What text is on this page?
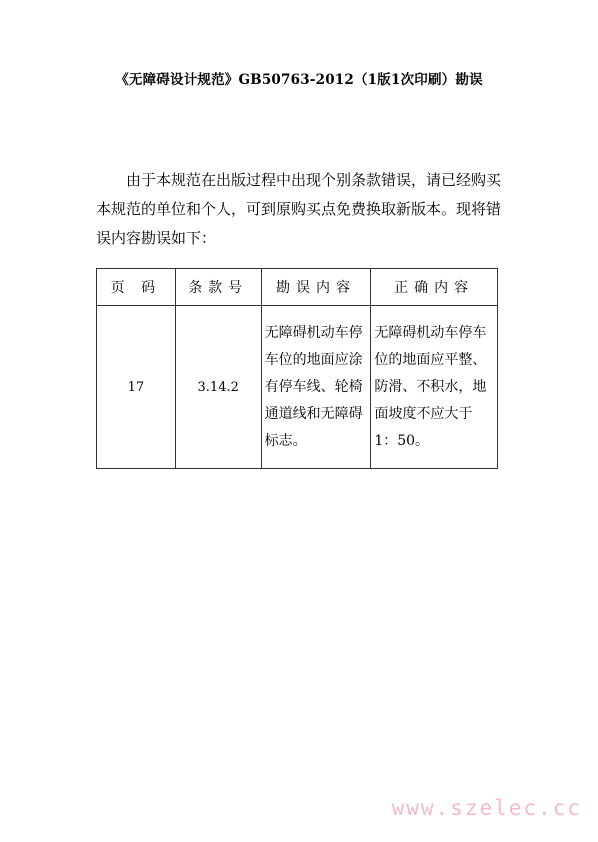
《无障碍设计规范》GB50763-2012（1版1次印刷）勘误
由于本规范在出版过程中出现个别条款错误，请已经购买本规范的单位和个人，可到原购买点免费换取新版本。现将错误内容勘误如下：
页 码	条款号	勘误内容	正确内容
17	3.14.2	无障碍机动车停车位的地面应涂有停车线、轮椅通道线和无障碍标志。	无障碍机动车停车位的地面应平整、防滑、不积水，地面坡度不应大于 1：50。
www.szelec.cc
